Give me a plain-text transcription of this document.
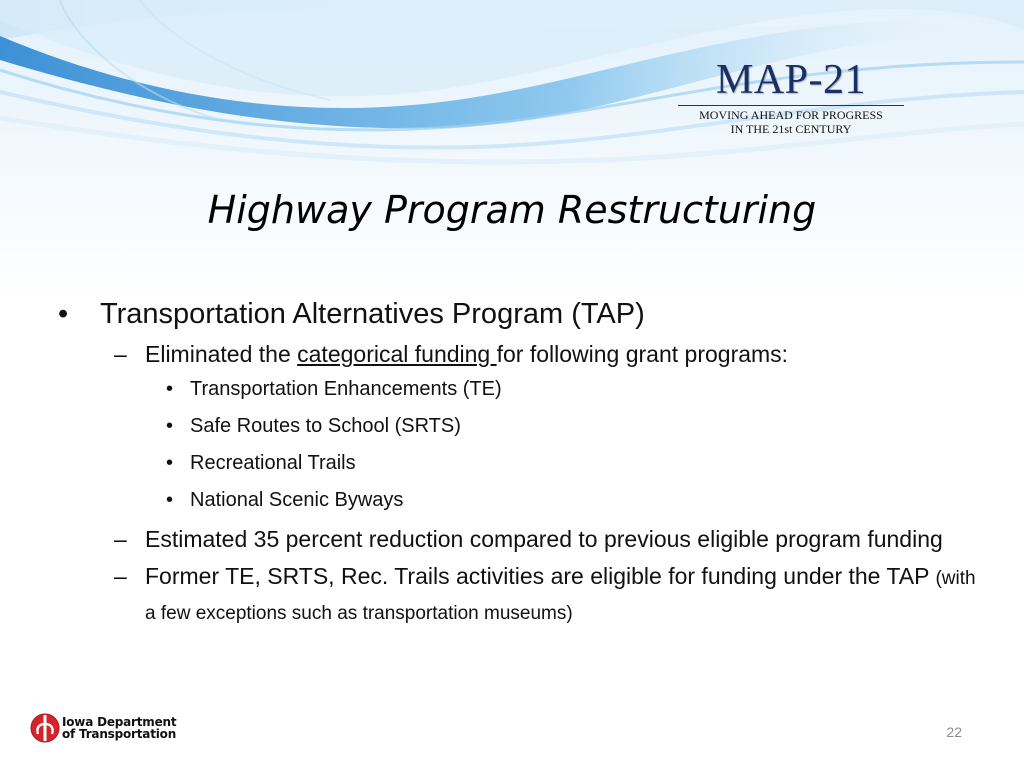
MAP-21
MOVING AHEAD FOR PROGRESS
IN THE 21st CENTURY
Highway Program Restructuring
• Transportation Alternatives Program (TAP)
– Eliminated the categorical funding for following grant programs:
• Transportation Enhancements (TE)
• Safe Routes to School (SRTS)
• Recreational Trails
• National Scenic Byways
– Estimated 35 percent reduction compared to previous eligible program funding
– Former TE, SRTS, Rec. Trails activities are eligible for funding under the TAP (with a few exceptions such as transportation museums)
Iowa Department
of Transportation	22
